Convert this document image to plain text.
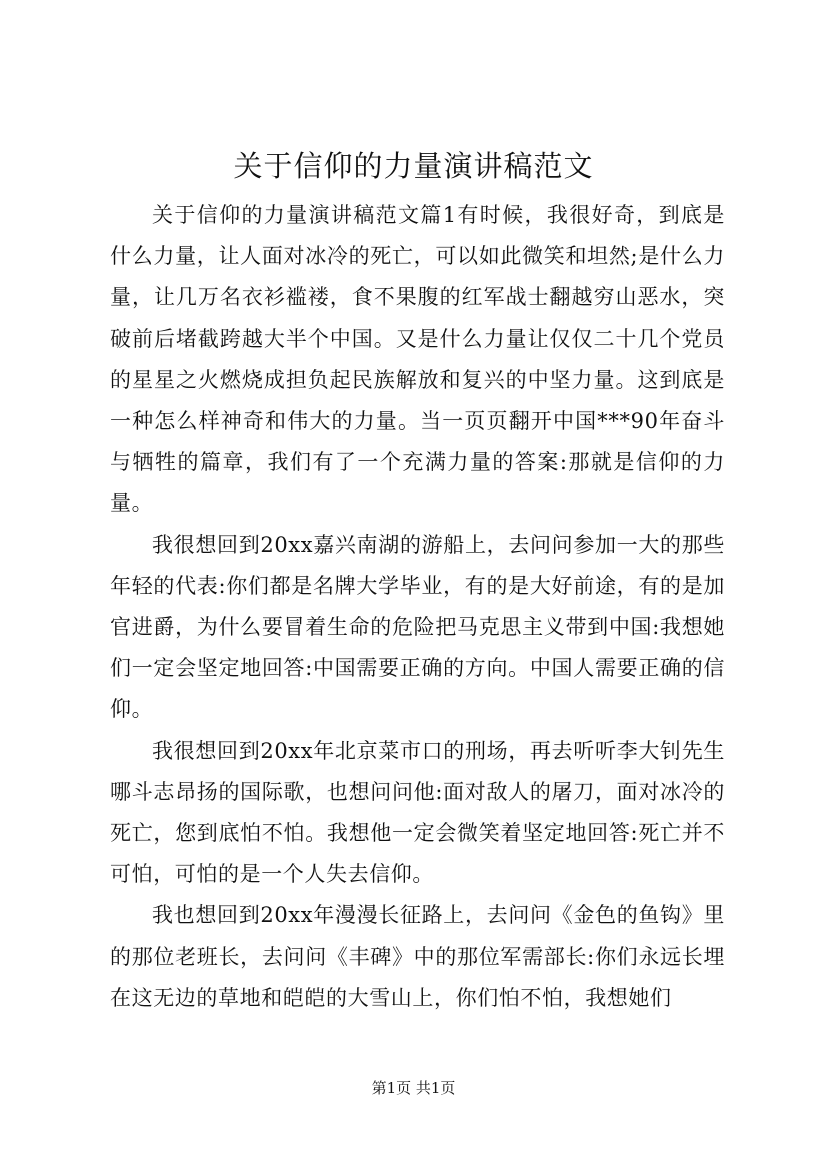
关于信仰的力量演讲稿范文

关于信仰的力量演讲稿范文篇1有时候，我很好奇，到底是什么力量，让人面对冰冷的死亡，可以如此微笑和坦然;是什么力量，让几万名衣衫褴褛，食不果腹的红军战士翻越穷山恶水，突破前后堵截跨越大半个中国。又是什么力量让仅仅二十几个党员的星星之火燃烧成担负起民族解放和复兴的中坚力量。这到底是一种怎么样神奇和伟大的力量。当一页页翻开中国***90年奋斗与牺牲的篇章，我们有了一个充满力量的答案:那就是信仰的力量。

我很想回到20xx嘉兴南湖的游船上，去问问参加一大的那些年轻的代表:你们都是名牌大学毕业，有的是大好前途，有的是加官进爵，为什么要冒着生命的危险把马克思主义带到中国:我想她们一定会坚定地回答:中国需要正确的方向。中国人需要正确的信仰。

我很想回到20xx年北京菜市口的刑场，再去听听李大钊先生哪斗志昂扬的国际歌，也想问问他:面对敌人的屠刀，面对冰冷的死亡，您到底怕不怕。我想他一定会微笑着坚定地回答:死亡并不可怕，可怕的是一个人失去信仰。

我也想回到20xx年漫漫长征路上，去问问《金色的鱼钩》里的那位老班长，去问问《丰碑》中的那位军需部长:你们永远长埋在这无边的草地和皑皑的大雪山上，你们怕不怕，我想她们

第1页 共1页
